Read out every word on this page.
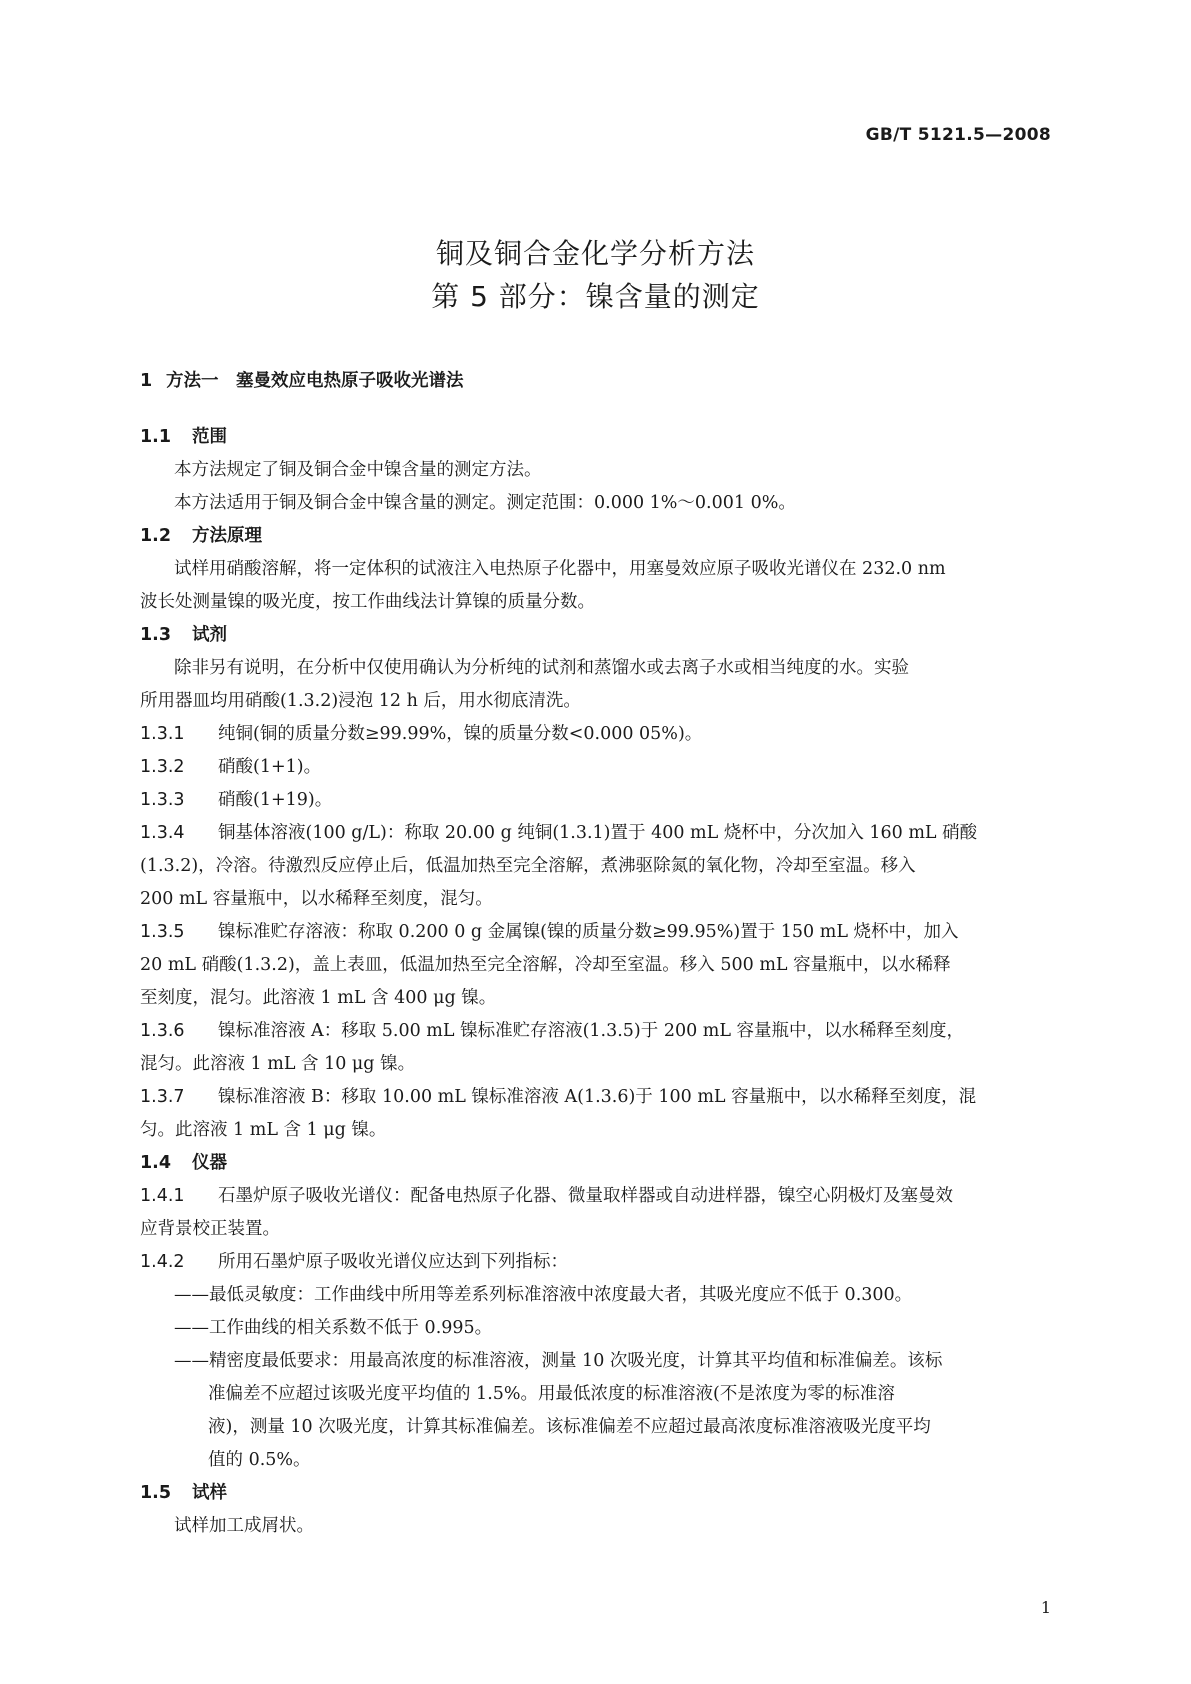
GB/T 5121.5—2008
铜及铜合金化学分析方法
第 5 部分：镍含量的测定
1 方法一　塞曼效应电热原子吸收光谱法
1.1 范围
本方法规定了铜及铜合金中镍含量的测定方法。
本方法适用于铜及铜合金中镍含量的测定。测定范围：0.000 1%～0.001 0%。
1.2 方法原理
试样用硝酸溶解，将一定体积的试液注入电热原子化器中，用塞曼效应原子吸收光谱仪在 232.0 nm
波长处测量镍的吸光度，按工作曲线法计算镍的质量分数。
1.3 试剂
除非另有说明，在分析中仅使用确认为分析纯的试剂和蒸馏水或去离子水或相当纯度的水。实验
所用器皿均用硝酸(1.3.2)浸泡 12 h 后，用水彻底清洗。
1.3.1 纯铜(铜的质量分数≥99.99%，镍的质量分数<0.000 05%)。
1.3.2 硝酸(1+1)。
1.3.3 硝酸(1+19)。
1.3.4 铜基体溶液(100 g/L)：称取 20.00 g 纯铜(1.3.1)置于 400 mL 烧杯中，分次加入 160 mL 硝酸
(1.3.2)，冷溶。待激烈反应停止后，低温加热至完全溶解，煮沸驱除氮的氧化物，冷却至室温。移入
200 mL 容量瓶中，以水稀释至刻度，混匀。
1.3.5 镍标准贮存溶液：称取 0.200 0 g 金属镍(镍的质量分数≥99.95%)置于 150 mL 烧杯中，加入
20 mL 硝酸(1.3.2)，盖上表皿，低温加热至完全溶解，冷却至室温。移入 500 mL 容量瓶中，以水稀释
至刻度，混匀。此溶液 1 mL 含 400 μg 镍。
1.3.6 镍标准溶液 A：移取 5.00 mL 镍标准贮存溶液(1.3.5)于 200 mL 容量瓶中，以水稀释至刻度，
混匀。此溶液 1 mL 含 10 μg 镍。
1.3.7 镍标准溶液 B：移取 10.00 mL 镍标准溶液 A(1.3.6)于 100 mL 容量瓶中，以水稀释至刻度，混
匀。此溶液 1 mL 含 1 μg 镍。
1.4 仪器
1.4.1 石墨炉原子吸收光谱仪：配备电热原子化器、微量取样器或自动进样器，镍空心阴极灯及塞曼效
应背景校正装置。
1.4.2 所用石墨炉原子吸收光谱仪应达到下列指标：
——最低灵敏度：工作曲线中所用等差系列标准溶液中浓度最大者，其吸光度应不低于 0.300。
——工作曲线的相关系数不低于 0.995。
——精密度最低要求：用最高浓度的标准溶液，测量 10 次吸光度，计算其平均值和标准偏差。该标
准偏差不应超过该吸光度平均值的 1.5%。用最低浓度的标准溶液(不是浓度为零的标准溶
液)，测量 10 次吸光度，计算其标准偏差。该标准偏差不应超过最高浓度标准溶液吸光度平均
值的 0.5%。
1.5 试样
试样加工成屑状。
1
